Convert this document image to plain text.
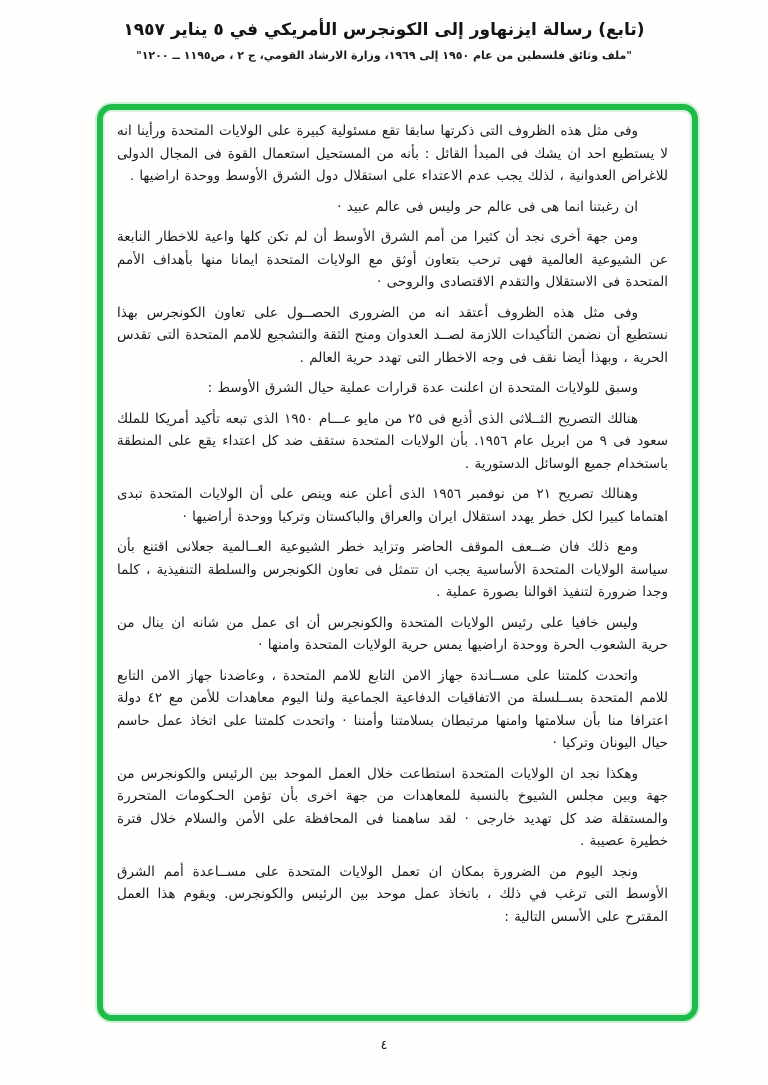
(تابع) رسالة ايزنهاور إلى الكونجرس الأمريكي في ٥ يناير ١٩٥٧
"ملف وثائق فلسطين من عام ١٩٥٠ إلى ١٩٦٩، وزارة الارشاد القومي، ج ٢ ، ص١١٩٥ ــ ١٢٠٠"

وفى مثل هذه الظروف التى ذكرتها سابقا تقع مسئولية كبيرة على الولايات المتحدة ورأينا انه لا يستطيع احد ان يشك فى المبدأ القائل : بأنه من المستحيل استعمال القوة فى المجال الدولى للاغراض العدوانية ، لذلك يجب عدم الاعتداء على استقلال دول الشرق الأوسط ووحدة اراضيها .

ان رغبتنا انما هى فى عالم حر وليس فى عالم عبيد ·

ومن جهة أخرى نجد أن كثيرا من أمم الشرق الأوسط أن لم تكن كلها واعية للاخطار النابعة عن الشيوعية العالمية فهى ترحب بتعاون أوثق مع الولايات المتحدة ايمانا منها بأهداف الأمم المتحدة فى الاستقلال والتقدم الاقتصادى والروحى ·

وفى مثل هذه الظروف أعتقد انه من الضرورى الحصــول على تعاون الكونجرس بهذا نستطيع أن نضمن التأكيدات اللازمة لصــد العدوان ومنح الثقة والتشجيع للامم المتحدة التى تقدس الحرية ، وبهذا أيضا نقف فى وجه الاخطار التى تهدد حرية العالم .

وسبق للولايات المتحدة ان اعلنت عدة قرارات عملية حيال الشرق الأوسط :

هنالك التصريح الثــلاثى الذى أذيع فى ٢٥ من مايو عـــام ١٩٥٠ الذى تبعه تأكيد أمريكا للملك سعود فى ٩ من ابريل عام ١٩٥٦. بأن الولايات المتحدة ستقف ضد كل اعتداء يقع على المنطقة باستخدام جميع الوسائل الدستورية .

وهنالك تصريح ٢١ من نوفمبر ١٩٥٦ الذى أعلن عنه وينص على أن الولايات المتحدة تبدى اهتماما كبيرا لكل خطر يهدد استقلال ايران والعراق والباكستان وتركيا ووحدة أراضيها ·

ومع ذلك فان ضــعف الموقف الحاضر وتزايد خطر الشيوعية العــالمية جعلانى اقتنع بأن سياسة الولايات المتحدة الأساسية يجب ان تتمثل فى تعاون الكونجرس والسلطة التنفيذية ، كلما وجدا ضرورة لتنفيذ اقوالنا بصورة عملية .

وليس خافيا على رئيس الولايات المتحدة والكونجرس أن اى عمل من شانه ان ينال من حرية الشعوب الحرة ووحدة اراضيها يمس حرية الولايات المتحدة وامنها ·

واتحدت كلمتنا على مســاندة جهاز الامن التابع للامم المتحدة ، وعاضدنا جهاز الامن التابع للامم المتحدة بســلسلة من الاتفاقيات الدفاعية الجماعية ولنا اليوم معاهدات للأمن مع ٤٢ دولة اعترافا منا بأن سلامتها وامنها مرتبطان بسلامتنا وأمننا · واتحدت كلمتنا على اتخاذ عمل حاسم حيال اليونان وتركيا ·

وهكذا نجد ان الولايات المتحدة استطاعت خلال العمل الموحد بين الرئيس والكونجرس من جهة وبين مجلس الشيوخ بالنسبة للمعاهدات من جهة اخرى بأن تؤمن الحـكومات المتحررة والمستقلة ضد كل تهديد خارجى · لقد ساهمنا فى المحافظة على الأمن والسلام خلال فترة خطيرة عصيبة .

ونجد اليوم من الضرورة بمكان ان تعمل الولايات المتحدة على مســاعدة أمم الشرق الأوسط التى ترغب في ذلك ، باتخاذ عمل موحد بين الرئيس والكونجرس. ويقوم هذا العمل المقترح على الأسس التالية :

٤
